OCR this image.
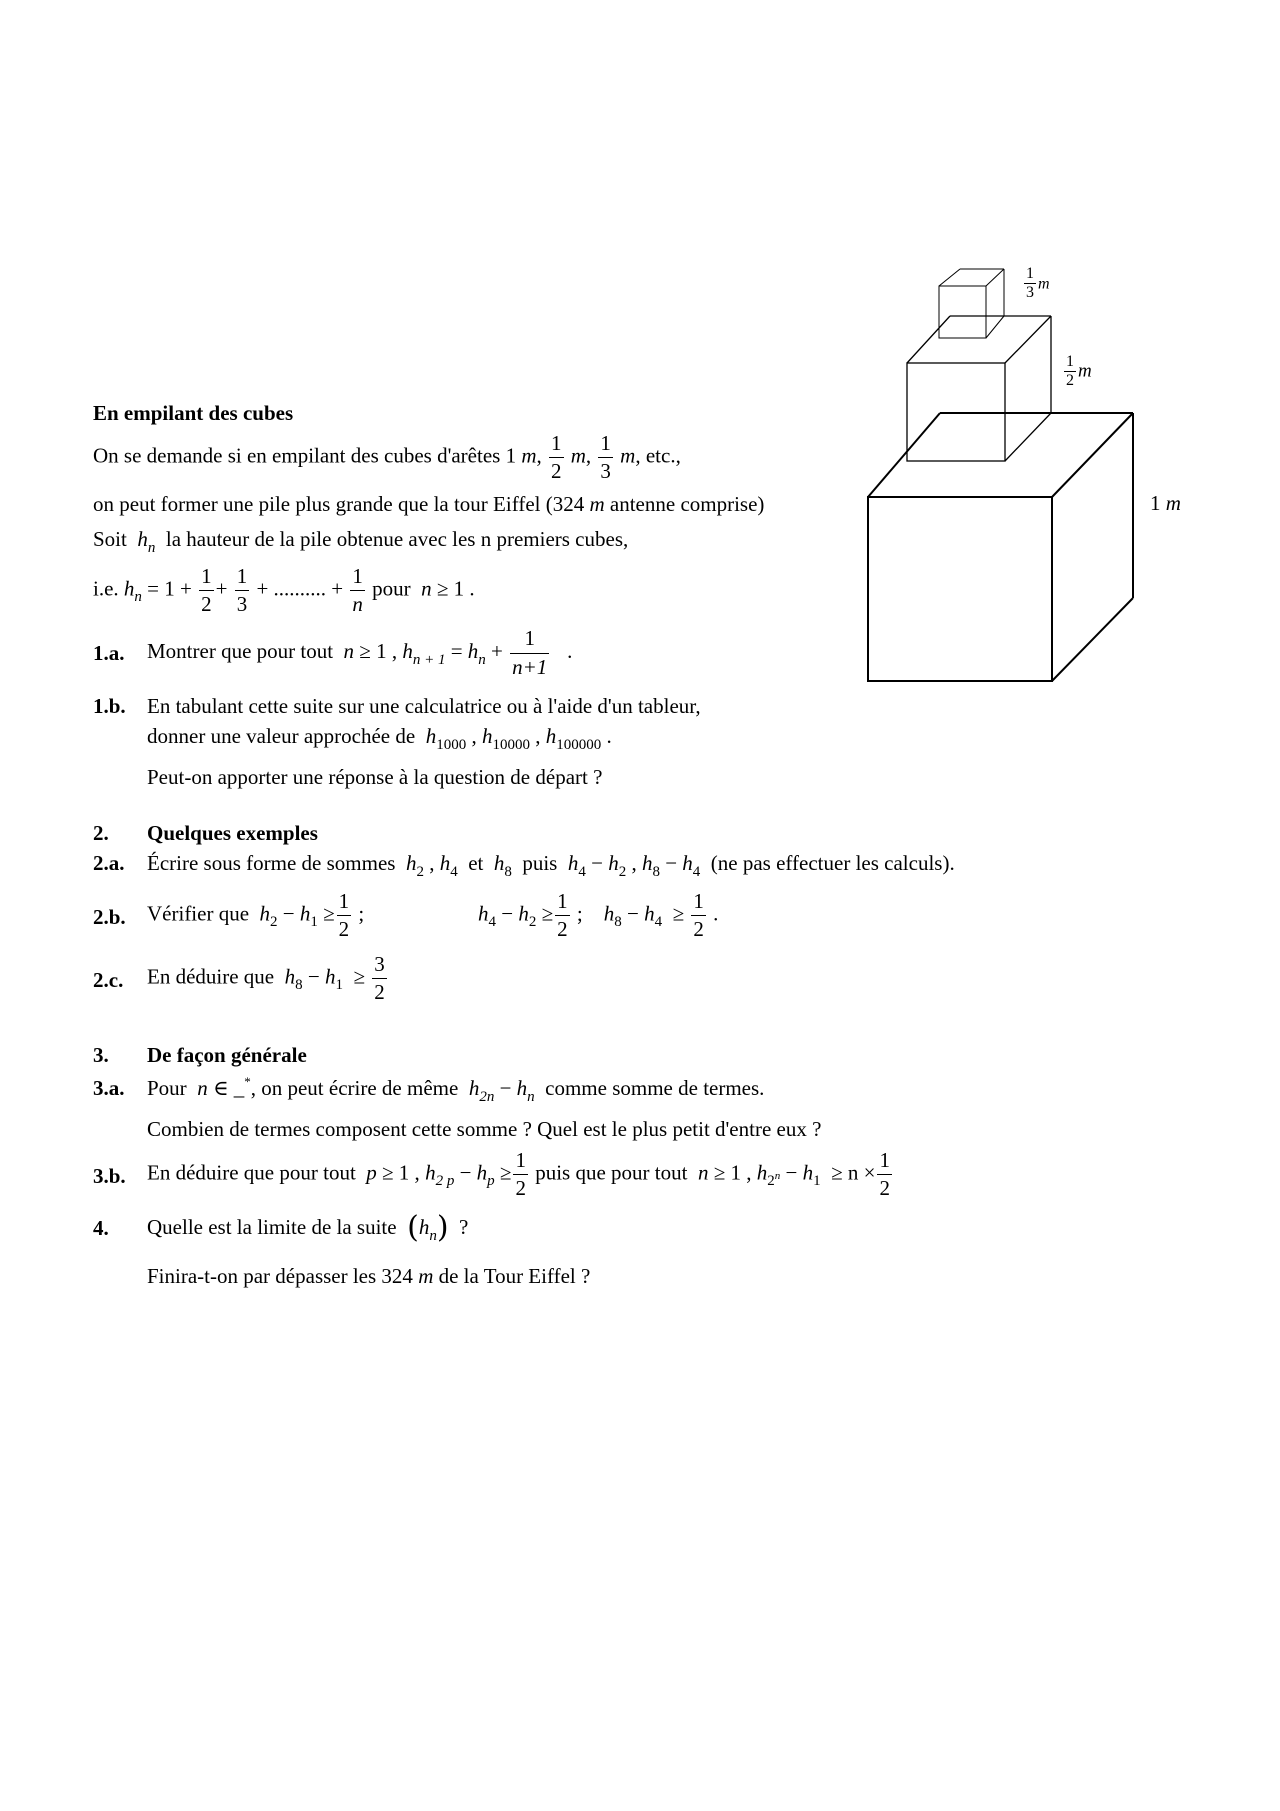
$\frac{1}{3}$ m
$\frac{1}{2}$ m
1 m
En empilant des cubes
On se demande si en empilant des cubes d'arêtes 1 m, $\frac{1}{2} m$, $\frac{1}{3} m$, etc.,
on peut former une pile plus grande que la tour Eiffel (324 m antenne comprise)
Soit $h_n$ la hauteur de la pile obtenue avec les n premiers cubes,
i.e. $h_n = 1 + \frac{1}{2} + \frac{1}{3}$ + .......... + $\frac{1}{n}$ pour n ≥ 1 .
1.a. Montrer que pour tout n ≥ 1 , $h_{n + 1} = h_n + \frac{1}{n+1}$ .
1.b. En tabulant cette suite sur une calculatrice ou à l'aide d'un tableur,
donner une valeur approchée de $h_{1000}$ , $h_{10000}$ , $h_{100000}$ .
Peut-on apporter une réponse à la question de départ ?
2. Quelques exemples
2.a. Écrire sous forme de sommes $h_2$ , $h_4$ et $h_8$ puis $h_4 - h_2$ , $h_8 - h_4$ (ne pas effectuer les calculs).
2.b. Vérifier que $h_2 - h_1 \ge \frac{1}{2}$ ;	$h_4 - h_2 \ge \frac{1}{2}$ ; $h_8 - h_4 \ge \frac{1}{2}$ .
2.c. En déduire que $h_8 - h_1 \ge \frac{3}{2}$
3. De façon générale
3.a. Pour n ∈ _*, on peut écrire de même $h_{2n} - h_n$ comme somme de termes.
Combien de termes composent cette somme ? Quel est le plus petit d'entre eux ?
3.b. En déduire que pour tout p ≥ 1 , $h_{2 p} - h_p \ge \frac{1}{2}$ puis que pour tout n ≥ 1 , $h_{2^n} - h_1 \ge n \times \frac{1}{2}$
4. Quelle est la limite de la suite $(h_n)$ ?
Finira-t-on par dépasser les 324 m de la Tour Eiffel ?
